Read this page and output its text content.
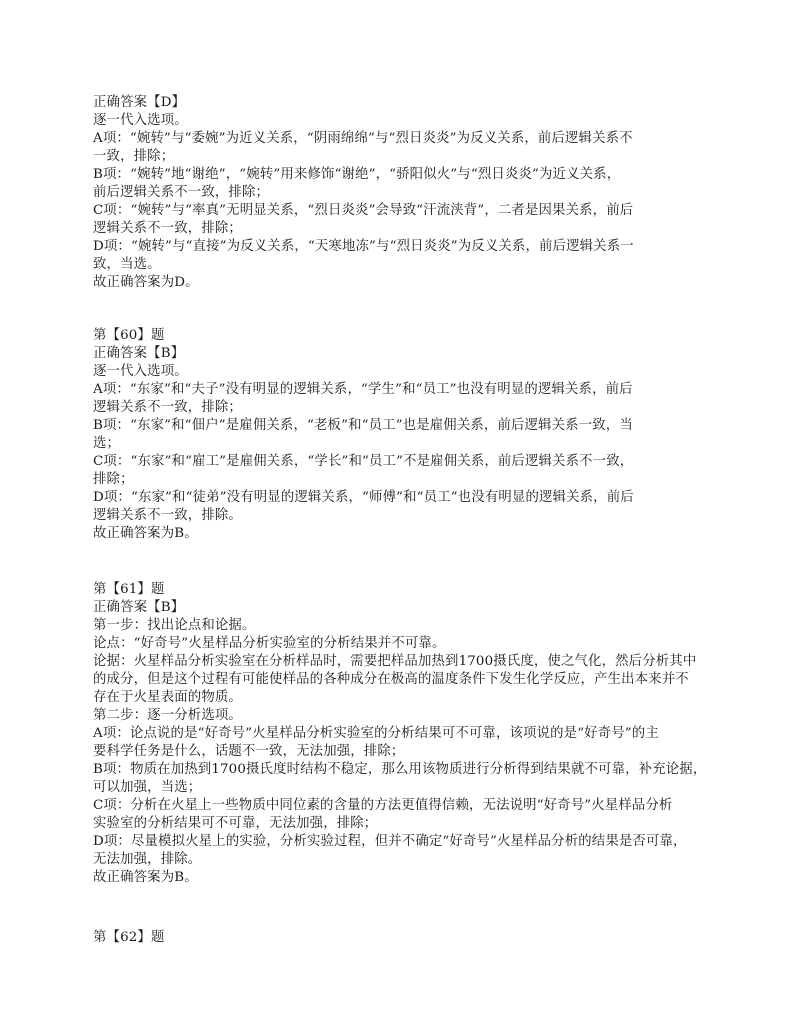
正确答案【D】
逐一代入选项。
A项：“婉转”与“委婉”为近义关系，“阴雨绵绵”与“烈日炎炎”为反义关系，前后逻辑关系不
一致，排除；
B项：“婉转”地“谢绝”，“婉转”用来修饰“谢绝”，“骄阳似火”与“烈日炎炎”为近义关系，
前后逻辑关系不一致，排除；
C项：“婉转”与“率真”无明显关系，“烈日炎炎”会导致“汗流浃背”，二者是因果关系，前后
逻辑关系不一致，排除；
D项：“婉转”与“直接”为反义关系，“天寒地冻”与“烈日炎炎”为反义关系，前后逻辑关系一
致，当选。
故正确答案为D。
第【60】题
正确答案【B】
逐一代入选项。
A项：“东家”和“夫子”没有明显的逻辑关系，“学生”和“员工”也没有明显的逻辑关系，前后
逻辑关系不一致，排除；
B项：“东家”和“佃户”是雇佣关系，“老板”和“员工”也是雇佣关系，前后逻辑关系一致，当
选；
C项：“东家”和“雇工”是雇佣关系，“学长”和“员工”不是雇佣关系，前后逻辑关系不一致，
排除；
D项：“东家”和“徒弟”没有明显的逻辑关系，“师傅”和“员工”也没有明显的逻辑关系，前后
逻辑关系不一致，排除。
故正确答案为B。
第【61】题
正确答案【B】
第一步：找出论点和论据。
论点：“好奇号”火星样品分析实验室的分析结果并不可靠。
论据：火星样品分析实验室在分析样品时，需要把样品加热到1700摄氏度，使之气化，然后分析其中
的成分，但是这个过程有可能使样品的各种成分在极高的温度条件下发生化学反应，产生出本来并不
存在于火星表面的物质。
第二步：逐一分析选项。
A项：论点说的是“好奇号”火星样品分析实验室的分析结果可不可靠，该项说的是“好奇号”的主
要科学任务是什么，话题不一致，无法加强，排除；
B项：物质在加热到1700摄氏度时结构不稳定，那么用该物质进行分析得到结果就不可靠，补充论据，
可以加强，当选；
C项：分析在火星上一些物质中同位素的含量的方法更值得信赖，无法说明“好奇号”火星样品分析
实验室的分析结果可不可靠，无法加强，排除；
D项：尽量模拟火星上的实验，分析实验过程，但并不确定“好奇号”火星样品分析的结果是否可靠，
无法加强，排除。
故正确答案为B。
第【62】题
